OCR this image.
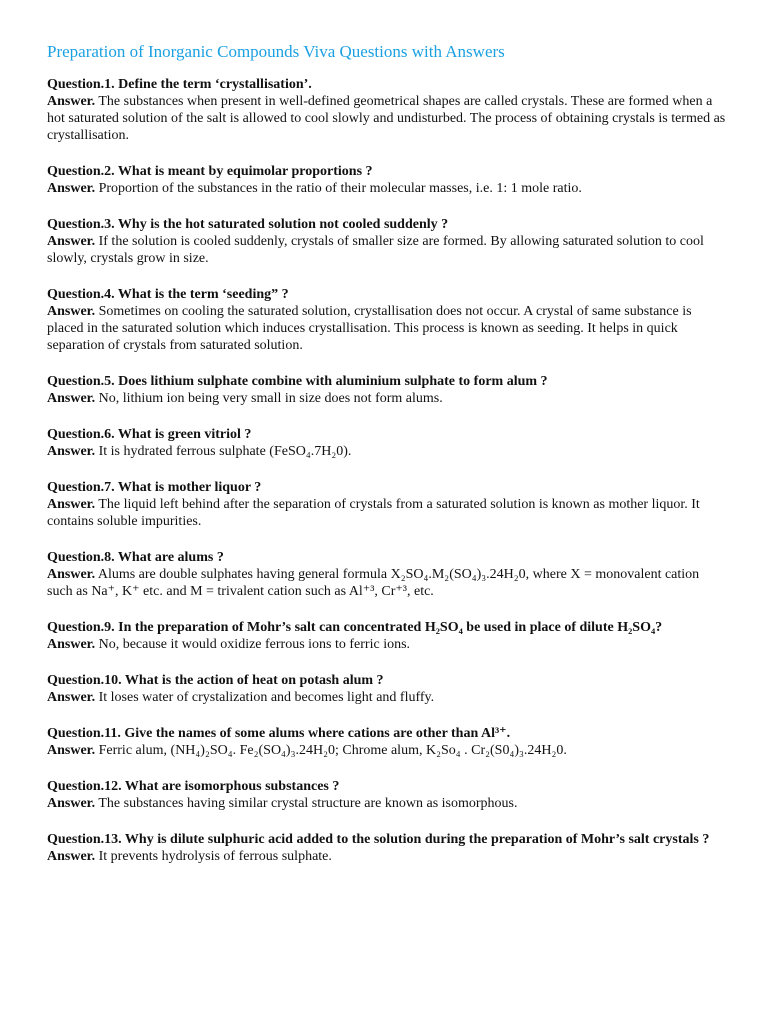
Preparation of Inorganic Compounds Viva Questions with Answers
Question.1. Define the term ‘crystallisation’.
Answer. The substances when present in well-defined geometrical shapes are called crystals. These are formed when a hot saturated solution of the salt is allowed to cool slowly and undisturbed. The process of obtaining crystals is termed as crystallisation.
Question.2. What is meant by equimolar proportions ?
Answer. Proportion of the substances in the ratio of their molecular masses, i.e. 1: 1 mole ratio.
Question.3. Why is the hot saturated solution not cooled suddenly ?
Answer. If the solution is cooled suddenly, crystals of smaller size are formed. By allowing saturated solution to cool slowly, crystals grow in size.
Question.4. What is the term ‘seeding” ?
Answer. Sometimes on cooling the saturated solution, crystallisation does not occur. A crystal of same substance is placed in the saturated solution which induces crystallisation. This process is known as seeding. It helps in quick separation of crystals from saturated solution.
Question.5. Does lithium sulphate combine with aluminium sulphate to form alum ?
Answer. No, lithium ion being very small in size does not form alums.
Question.6. What is green vitriol ?
Answer. It is hydrated ferrous sulphate (FeSO₄.7H₂0).
Question.7. What is mother liquor ?
Answer. The liquid left behind after the separation of crystals from a saturated solution is known as mother liquor. It contains soluble impurities.
Question.8. What are alums ?
Answer. Alums are double sulphates having general formula X₂SO₄.M₂(SO₄)₃.24H₂0, where X = monovalent cation such as Na⁺, K⁺ etc. and M = trivalent cation such as Al⁺³, Cr⁺³, etc.
Question.9. In the preparation of Mohr’s salt can concentrated H₂SO₄ be used in place of dilute H₂SO₄?
Answer. No, because it would oxidize ferrous ions to ferric ions.
Question.10. What is the action of heat on potash alum ?
Answer. It loses water of crystalization and becomes light and fluffy.
Question.11. Give the names of some alums where cations are other than Al³⁺.
Answer. Ferric alum, (NH₄)₂SO₄. Fe₂(SO₄)₃.24H₂0; Chrome alum, K₂So₄ . Cr₂(S0₄)₃.24H₂0.
Question.12. What are isomorphous substances ?
Answer. The substances having similar crystal structure are known as isomorphous.
Question.13. Why is dilute sulphuric acid added to the solution during the preparation of Mohr’s salt crystals ?
Answer. It prevents hydrolysis of ferrous sulphate.
